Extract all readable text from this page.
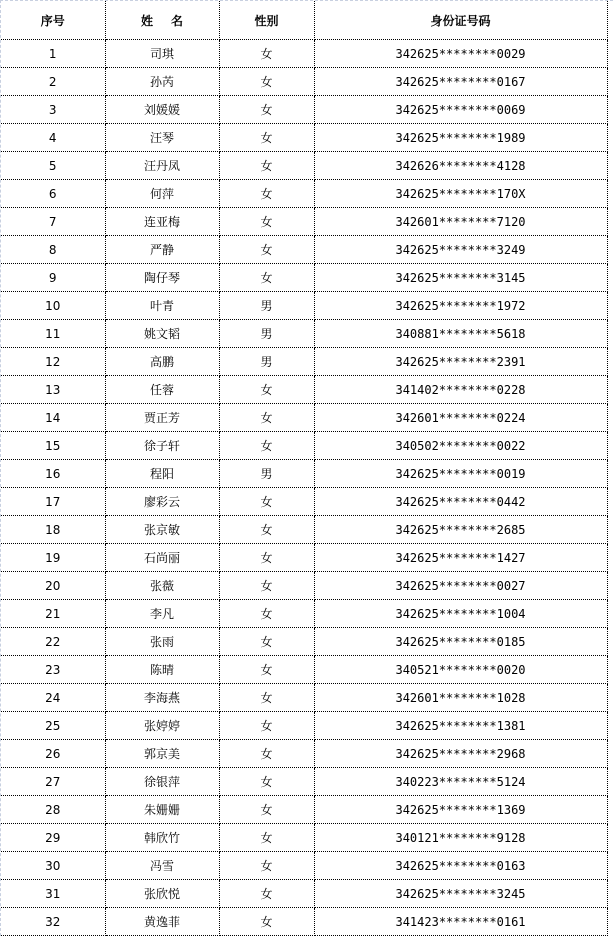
序号	姓名	性别	身份证号码
1	司琪	女	342625********0029
2	孙芮	女	342625********0167
3	刘媛媛	女	342625********0069
4	汪琴	女	342625********1989
5	汪丹凤	女	342626********4128
6	何萍	女	342625********170X
7	连亚梅	女	342601********7120
8	严静	女	342625********3249
9	陶仔琴	女	342625********3145
10	叶青	男	342625********1972
11	姚文韬	男	340881********5618
12	高鹏	男	342625********2391
13	任蓉	女	341402********0228
14	贾正芳	女	342601********0224
15	徐子轩	女	340502********0022
16	程阳	男	342625********0019
17	廖彩云	女	342625********0442
18	张京敏	女	342625********2685
19	石尚丽	女	342625********1427
20	张薇	女	342625********0027
21	李凡	女	342625********1004
22	张雨	女	342625********0185
23	陈晴	女	340521********0020
24	李海燕	女	342601********1028
25	张婷婷	女	342625********1381
26	郭京美	女	342625********2968
27	徐银萍	女	340223********5124
28	朱姗姗	女	342625********1369
29	韩欣竹	女	340121********9128
30	冯雪	女	342625********0163
31	张欣悦	女	342625********3245
32	黄逸菲	女	341423********0161
